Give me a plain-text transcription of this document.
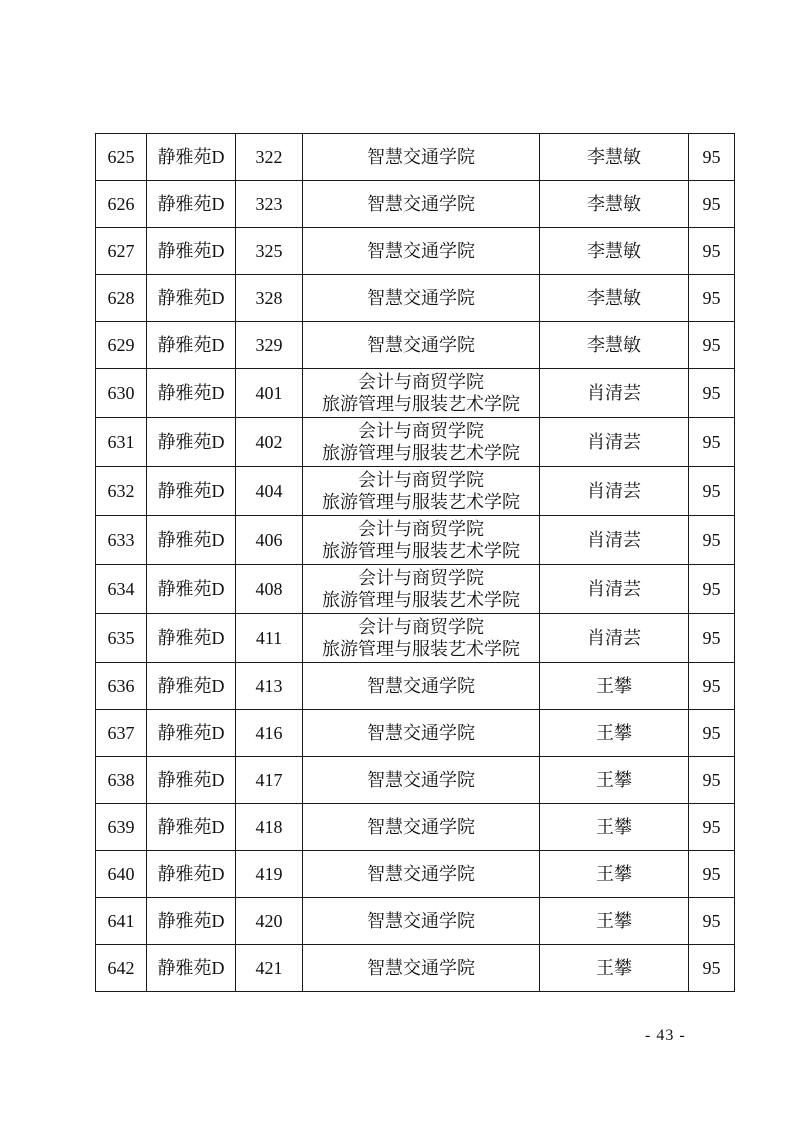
625	静雅苑D	322	智慧交通学院	李慧敏	95
626	静雅苑D	323	智慧交通学院	李慧敏	95
627	静雅苑D	325	智慧交通学院	李慧敏	95
628	静雅苑D	328	智慧交通学院	李慧敏	95
629	静雅苑D	329	智慧交通学院	李慧敏	95
630	静雅苑D	401	会计与商贸学院
旅游管理与服装艺术学院	肖清芸	95
631	静雅苑D	402	会计与商贸学院
旅游管理与服装艺术学院	肖清芸	95
632	静雅苑D	404	会计与商贸学院
旅游管理与服装艺术学院	肖清芸	95
633	静雅苑D	406	会计与商贸学院
旅游管理与服装艺术学院	肖清芸	95
634	静雅苑D	408	会计与商贸学院
旅游管理与服装艺术学院	肖清芸	95
635	静雅苑D	411	会计与商贸学院
旅游管理与服装艺术学院	肖清芸	95
636	静雅苑D	413	智慧交通学院	王攀	95
637	静雅苑D	416	智慧交通学院	王攀	95
638	静雅苑D	417	智慧交通学院	王攀	95
639	静雅苑D	418	智慧交通学院	王攀	95
640	静雅苑D	419	智慧交通学院	王攀	95
641	静雅苑D	420	智慧交通学院	王攀	95
642	静雅苑D	421	智慧交通学院	王攀	95
- 43 -
